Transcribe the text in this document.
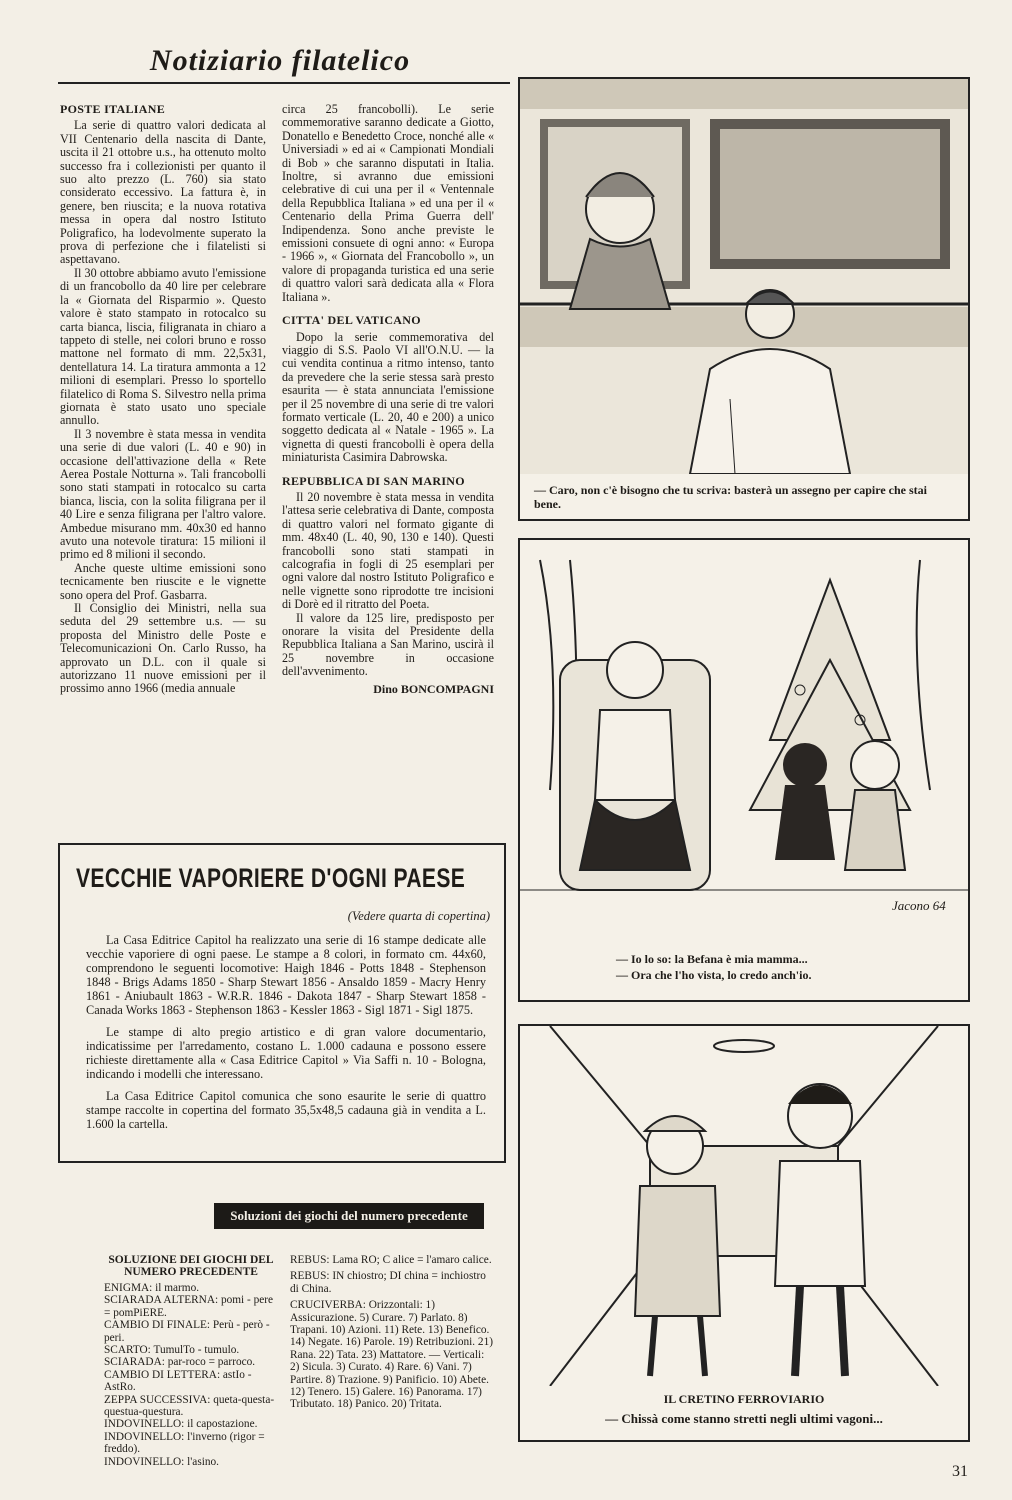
Notiziario filatelico
POSTE ITALIANE

La serie di quattro valori dedicata al VII Centenario della nascita di Dante, uscita il 21 ottobre u.s., ha ottenuto molto successo fra i collezionisti per quanto il suo alto prezzo (L. 760) sia stato considerato eccessivo. La fattura è, in genere, ben riuscita; e la nuova rotativa messa in opera dal nostro Istituto Poligrafico, ha lodevolmente superato la prova di perfezione che i filatelisti si aspettavano.

Il 30 ottobre abbiamo avuto l'emissione di un francobollo da 40 lire per celebrare la « Giornata del Risparmio ». Questo valore è stato stampato in rotocalco su carta bianca, liscia, filigranata in chiaro a tappeto di stelle, nei colori bruno e rosso mattone nel formato di mm. 22,5x31, dentellatura 14. La tiratura ammonta a 12 milioni di esemplari. Presso lo sportello filatelico di Roma S. Silvestro nella prima giornata è stato usato uno speciale annullo.

Il 3 novembre è stata messa in vendita una serie di due valori (L. 40 e 90) in occasione dell'attivazione della « Rete Aerea Postale Notturna ». Tali francobolli sono stati stampati in rotocalco su carta bianca, liscia, con la solita filigrana per il 40 Lire e senza filigrana per l'altro valore. Ambedue misurano mm. 40x30 ed hanno avuto una notevole tiratura: 15 milioni il primo ed 8 milioni il secondo.

Anche queste ultime emissioni sono tecnicamente ben riuscite e le vignette sono opera del Prof. Gasbarra.

Il Consiglio dei Ministri, nella sua seduta del 29 settembre u.s. — su proposta del Ministro delle Poste e Telecomunicazioni On. Carlo Russo, ha approvato un D.L. con il quale si autorizzano 11 nuove emissioni per il prossimo anno 1966 (media annuale

circa 25 francobolli). Le serie commemorative saranno dedicate a Giotto, Donatello e Benedetto Croce, nonché alle « Universiadi » ed ai « Campionati Mondiali di Bob » che saranno disputati in Italia. Inoltre, si avranno due emissioni celebrative di cui una per il « Ventennale della Repubblica Italiana » ed una per il « Centenario della Prima Guerra dell' Indipendenza. Sono anche previste le emissioni consuete di ogni anno: « Europa - 1966 », « Giornata del Francobollo », un valore di propaganda turistica ed una serie di quattro valori sarà dedicata alla « Flora Italiana ».

CITTA' DEL VATICANO

Dopo la serie commemorativa del viaggio di S.S. Paolo VI all'O.N.U. — la cui vendita continua a ritmo intenso, tanto da prevedere che la serie stessa sarà presto esaurita — è stata annunciata l'emissione per il 25 novembre di una serie di tre valori formato verticale (L. 20, 40 e 200) a unico soggetto dedicata al « Natale - 1965 ». La vignetta di questi francobolli è opera della miniaturista Casimira Dabrowska.

REPUBBLICA DI SAN MARINO

Il 20 novembre è stata messa in vendita l'attesa serie celebrativa di Dante, composta di quattro valori nel formato gigante di mm. 48x40 (L. 40, 90, 130 e 140). Questi francobolli sono stati stampati in calcografia in fogli di 25 esemplari per ogni valore dal nostro Istituto Poligrafico e nelle vignette sono riprodotte tre incisioni di Dorè ed il ritratto del Poeta.

Il valore da 125 lire, predisposto per onorare la visita del Presidente della Repubblica Italiana a San Marino, uscirà il 25 novembre in occasione dell'avvenimento.

Dino BONCOMPAGNI
— Caro, non c'è bisogno che tu scriva: basterà un assegno per capire che stai bene.
Jacono 64
— Io lo so: la Befana è mia mamma...
— Ora che l'ho vista, lo credo anch'io.
IL CRETINO FERROVIARIO
— Chissà come stanno stretti negli ultimi vagoni...
VECCHIE VAPORIERE D'OGNI PAESE
(Vedere quarta di copertina)

La Casa Editrice Capitol ha realizzato una serie di 16 stampe dedicate alle vecchie vaporiere di ogni paese. Le stampe a 8 colori, in formato cm. 44x60, comprendono le seguenti locomotive: Haigh 1846 - Potts 1848 - Stephenson 1848 - Brigs Adams 1850 - Sharp Stewart 1856 - Ansaldo 1859 - Macry Henry 1861 - Aniubault 1863 - W.R.R. 1846 - Dakota 1847 - Sharp Stewart 1858 - Canada Works 1863 - Stephenson 1863 - Kessler 1863 - Sigl 1871 - Sigl 1875.

Le stampe di alto pregio artistico e di gran valore documentario, indicatissime per l'arredamento, costano L. 1.000 cadauna e possono essere richieste direttamente alla « Casa Editrice Capitol » Via Saffi n. 10 - Bologna, indicando i modelli che interessano.

La Casa Editrice Capitol comunica che sono esaurite le serie di quattro stampe raccolte in copertina del formato 35,5x48,5 cadauna già in vendita a L. 1.600 la cartella.

Soluzioni dei giochi del numero precedente
SOLUZIONE DEI GIOCHI DEL NUMERO PRECEDENTE
ENIGMA: il marmo.
SCIARADA ALTERNA: pomi - pere = pomPiERE.
CAMBIO DI FINALE: Perù - però - peri.
SCARTO: TumulTo - tumulo.
SCIARADA: par-roco = parroco.
CAMBIO DI LETTERA: astIo - AstRo.
ZEPPA SUCCESSIVA: queta-questa-questua-questura.
INDOVINELLO: il capostazione.
INDOVINELLO: l'inverno (rigor = freddo).
INDOVINELLO: l'asino.
REBUS: Lama RO; C alice = l'amaro calice.
REBUS: IN chiostro; DI china = inchiostro di China.
CRUCIVERBA: Orizzontali: 1) Assicurazione. 5) Curare. 7) Parlato. 8) Trapani. 10) Azioni. 11) Rete. 13) Benefico. 14) Negate. 16) Parole. 19) Retribuzioni. 21) Rana. 22) Tata. 23) Mattatore. — Verticali: 2) Sicula. 3) Curato. 4) Rare. 6) Vani. 7) Partire. 8) Trazione. 9) Panificio. 10) Abete. 12) Tenero. 15) Galere. 16) Panorama. 17) Tributato. 18) Panico. 20) Tritata.
31
